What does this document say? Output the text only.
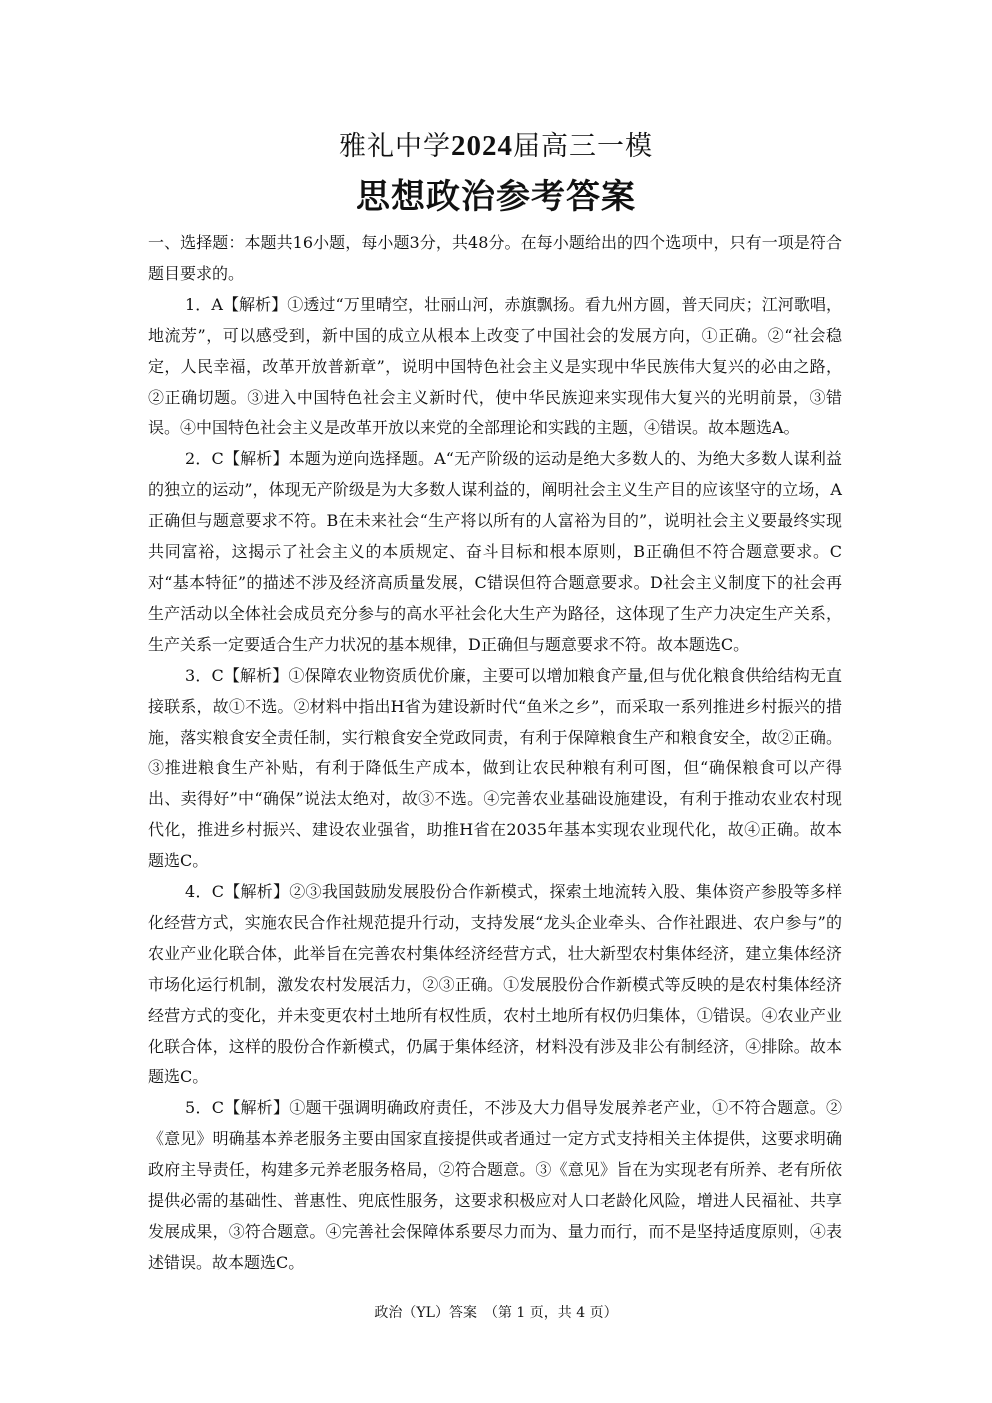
雅礼中学2024届高三一模
思想政治参考答案

一、选择题：本题共16小题，每小题3分，共48分。在每小题给出的四个选项中，只有一项是符合题目要求的。

1．A【解析】①透过“万里晴空，壮丽山河，赤旗飘扬。看九州方圆，普天同庆；江河歌唱，地流芳”，可以感受到，新中国的成立从根本上改变了中国社会的发展方向，①正确。②“社会稳定，人民幸福，改革开放普新章”，说明中国特色社会主义是实现中华民族伟大复兴的必由之路，②正确切题。③进入中国特色社会主义新时代，使中华民族迎来实现伟大复兴的光明前景，③错误。④中国特色社会主义是改革开放以来党的全部理论和实践的主题，④错误。故本题选A。

2．C【解析】本题为逆向选择题。A“无产阶级的运动是绝大多数人的、为绝大多数人谋利益的独立的运动”，体现无产阶级是为大多数人谋利益的，阐明社会主义生产目的应该坚守的立场，A正确但与题意要求不符。B在未来社会“生产将以所有的人富裕为目的”，说明社会主义要最终实现共同富裕，这揭示了社会主义的本质规定、奋斗目标和根本原则，B正确但不符合题意要求。C对“基本特征”的描述不涉及经济高质量发展，C错误但符合题意要求。D社会主义制度下的社会再生产活动以全体社会成员充分参与的高水平社会化大生产为路径，这体现了生产力决定生产关系，生产关系一定要适合生产力状况的基本规律，D正确但与题意要求不符。故本题选C。

3．C【解析】①保障农业物资质优价廉，主要可以增加粮食产量,但与优化粮食供给结构无直接联系，故①不选。②材料中指出H省为建设新时代“鱼米之乡”，而采取一系列推进乡村振兴的措施，落实粮食安全责任制，实行粮食安全党政同责，有利于保障粮食生产和粮食安全，故②正确。③推进粮食生产补贴，有利于降低生产成本，做到让农民种粮有利可图，但“确保粮食可以产得出、卖得好”中“确保”说法太绝对，故③不选。④完善农业基础设施建设，有利于推动农业农村现代化，推进乡村振兴、建设农业强省，助推H省在2035年基本实现农业现代化，故④正确。故本题选C。

4．C【解析】②③我国鼓励发展股份合作新模式，探索土地流转入股、集体资产参股等多样化经营方式，实施农民合作社规范提升行动，支持发展“龙头企业牵头、合作社跟进、农户参与”的农业产业化联合体，此举旨在完善农村集体经济经营方式，壮大新型农村集体经济，建立集体经济市场化运行机制，激发农村发展活力，②③正确。①发展股份合作新模式等反映的是农村集体经济经营方式的变化，并未变更农村土地所有权性质，农村土地所有权仍归集体，①错误。④农业产业化联合体，这样的股份合作新模式，仍属于集体经济，材料没有涉及非公有制经济，④排除。故本题选C。

5．C【解析】①题干强调明确政府责任，不涉及大力倡导发展养老产业，①不符合题意。②《意见》明确基本养老服务主要由国家直接提供或者通过一定方式支持相关主体提供，这要求明确政府主导责任，构建多元养老服务格局，②符合题意。③《意见》旨在为实现老有所养、老有所依提供必需的基础性、普惠性、兜底性服务，这要求积极应对人口老龄化风险，增进人民福祉、共享发展成果，③符合题意。④完善社会保障体系要尽力而为、量力而行，而不是坚持适度原则，④表述错误。故本题选C。

政治（YL）答案　（第 1 页，共 4 页）
